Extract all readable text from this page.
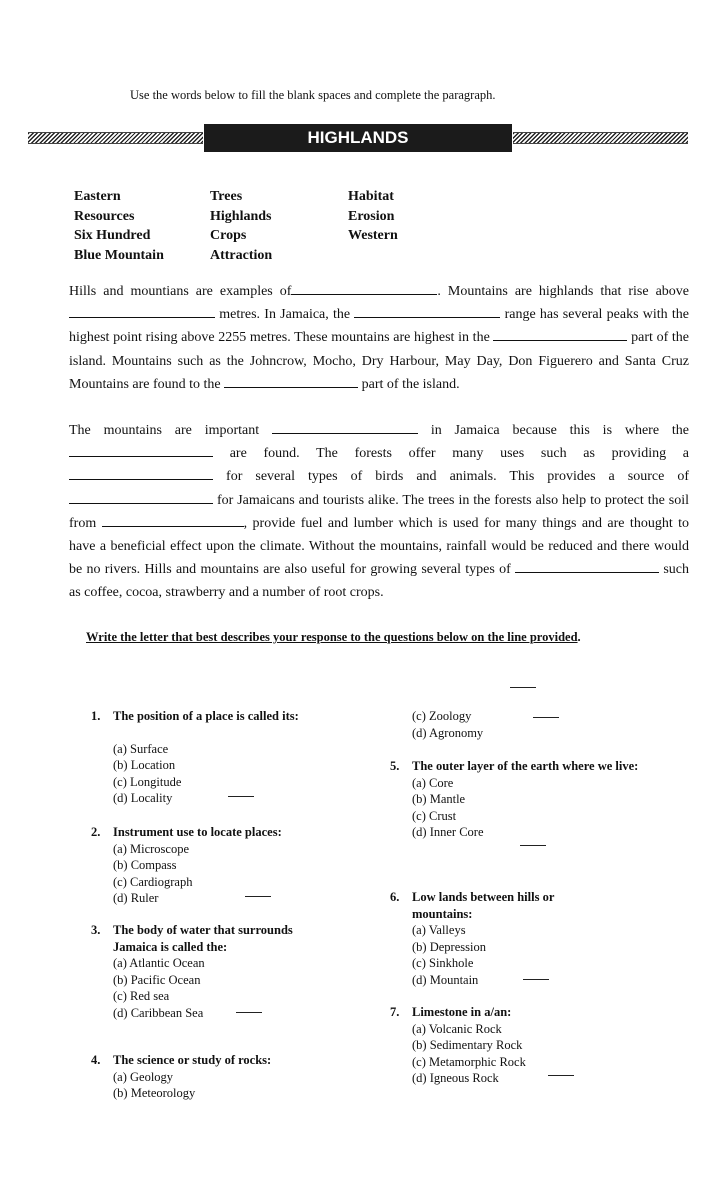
Use the words below to fill the blank spaces and complete the paragraph.
HIGHLANDS
Eastern	Trees	Habitat
Resources	Highlands	Erosion
Six Hundred	Crops	Western
Blue Mountain	Attraction
Hills and mountians are examples of	. Mountains are highlands that rise above  metres. In Jamaica, the	range has several peaks with the highest point rising above 2255 metres. These mountains are highest in the	part of the island. Mountains such as the Johncrow, Mocho, Dry Harbour, May Day, Don Figuerero and Santa Cruz Mountains are found to the	part of the island.
The mountains are important	in Jamaica because this is where the  are found. The forests offer many uses such as providing a  for several types of birds and animals. This provides a source of  for Jamaicans and tourists alike. The trees in the forests also help to protect the soil from	, provide fuel and lumber which is used for many things and are thought to have a beneficial effect upon the climate. Without the mountains, rainfall would be reduced and there would be no rivers. Hills and mountains are also useful for growing several types of	such as coffee, cocoa, strawberry and a number of root crops.
Write the letter that best describes your response to the questions below on the line provided.
1. The position of a place is called its:
(a) Surface
(b) Location
(c) Longitude
(d) Locality
2. Instrument use to locate places:
(a) Microscope
(b) Compass
(c) Cardiograph
(d) Ruler
3. The body of water that surrounds Jamaica is called the:
(a) Atlantic Ocean
(b) Pacific Ocean
(c) Red sea
(d) Caribbean Sea
4. The science or study of rocks:
(a) Geology
(b) Meteorology
(c) Zoology
(d) Agronomy
5. The outer layer of the earth where we live:
(a) Core
(b) Mantle
(c) Crust
(d) Inner Core
6. Low lands between hills or mountains:
(a) Valleys
(b) Depression
(c) Sinkhole
(d) Mountain
7. Limestone in a/an:
(a) Volcanic Rock
(b) Sedimentary Rock
(c) Metamorphic Rock
(d) Igneous Rock
